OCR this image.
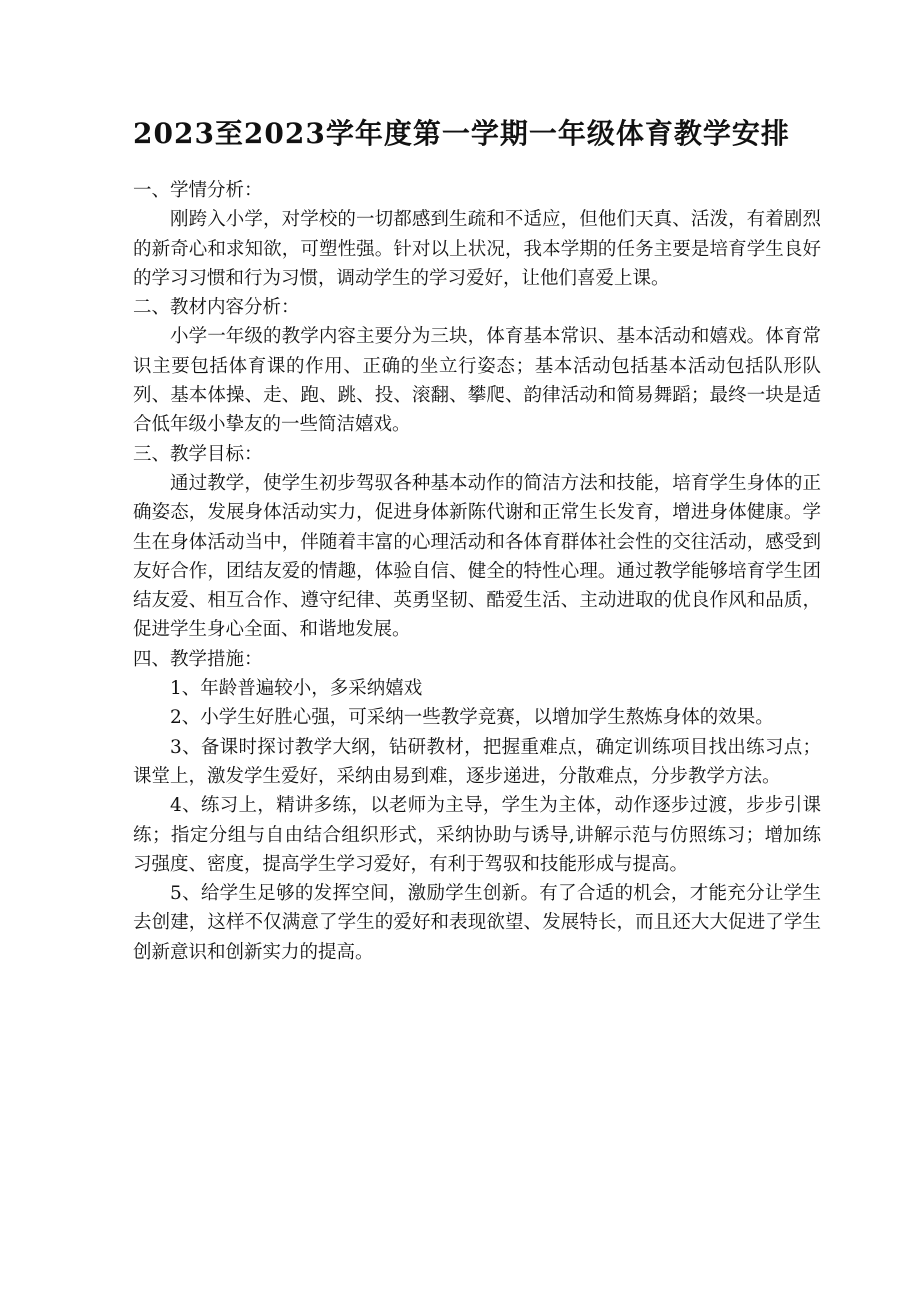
2023至2023学年度第一学期一年级体育教学安排

一、学情分析：

刚跨入小学，对学校的一切都感到生疏和不适应，但他们天真、活泼，有着剧烈的新奇心和求知欲，可塑性强。针对以上状况，我本学期的任务主要是培育学生良好的学习习惯和行为习惯，调动学生的学习爱好，让他们喜爱上课。

二、教材内容分析：

小学一年级的教学内容主要分为三块，体育基本常识、基本活动和嬉戏。体育常识主要包括体育课的作用、正确的坐立行姿态；基本活动包括基本活动包括队形队列、基本体操、走、跑、跳、投、滚翻、攀爬、韵律活动和简易舞蹈；最终一块是适合低年级小挚友的一些简洁嬉戏。

三、教学目标：

通过教学，使学生初步驾驭各种基本动作的简洁方法和技能，培育学生身体的正确姿态，发展身体活动实力，促进身体新陈代谢和正常生长发育，增进身体健康。学生在身体活动当中，伴随着丰富的心理活动和各体育群体社会性的交往活动，感受到友好合作，团结友爱的情趣，体验自信、健全的特性心理。通过教学能够培育学生团结友爱、相互合作、遵守纪律、英勇坚韧、酷爱生活、主动进取的优良作风和品质，促进学生身心全面、和谐地发展。

四、教学措施：

1、年龄普遍较小，多采纳嬉戏

2、小学生好胜心强，可采纳一些教学竞赛，以增加学生熬炼身体的效果。

3、备课时探讨教学大纲，钻研教材，把握重难点，确定训练项目找出练习点；课堂上，激发学生爱好，采纳由易到难，逐步递进，分散难点，分步教学方法。

4、练习上，精讲多练，以老师为主导，学生为主体，动作逐步过渡，步步引课练；指定分组与自由结合组织形式，采纳协助与诱导,讲解示范与仿照练习；增加练习强度、密度，提高学生学习爱好，有利于驾驭和技能形成与提高。

5、给学生足够的发挥空间，激励学生创新。有了合适的机会，才能充分让学生去创建，这样不仅满意了学生的爱好和表现欲望、发展特长，而且还大大促进了学生创新意识和创新实力的提高。
